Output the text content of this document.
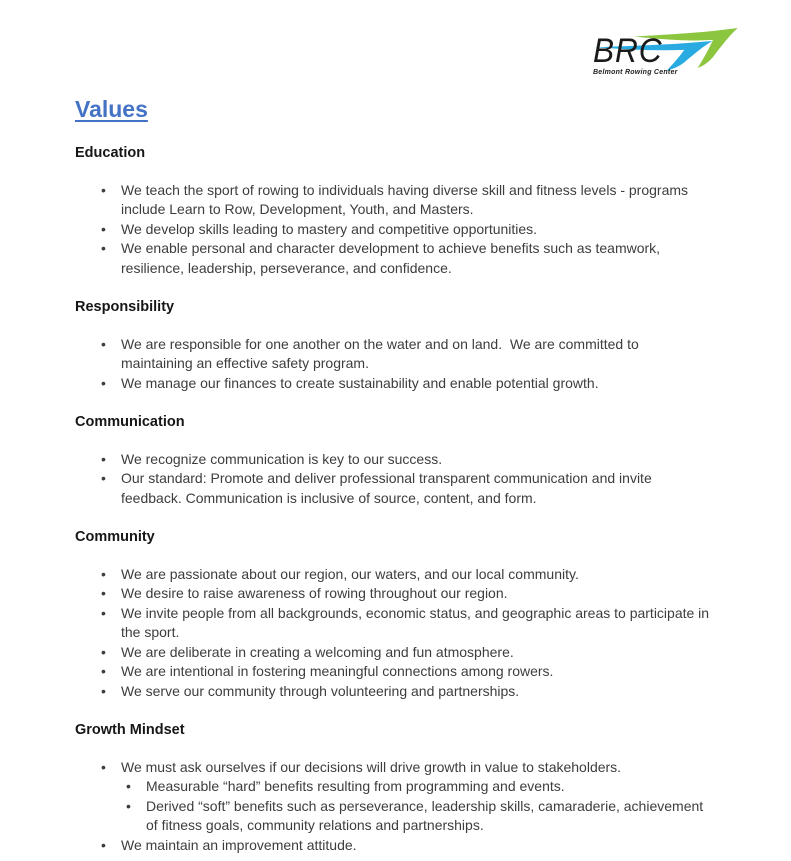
BRC
Belmont Rowing Center
Values
Education
• We teach the sport of rowing to individuals having diverse skill and fitness levels - programs include Learn to Row, Development, Youth, and Masters.
• We develop skills leading to mastery and competitive opportunities.
• We enable personal and character development to achieve benefits such as teamwork, resilience, leadership, perseverance, and confidence.
Responsibility
• We are responsible for one another on the water and on land.  We are committed to maintaining an effective safety program.
• We manage our finances to create sustainability and enable potential growth.
Communication
• We recognize communication is key to our success.
• Our standard: Promote and deliver professional transparent communication and invite feedback. Communication is inclusive of source, content, and form.
Community
• We are passionate about our region, our waters, and our local community.
• We desire to raise awareness of rowing throughout our region.
• We invite people from all backgrounds, economic status, and geographic areas to participate in the sport.
• We are deliberate in creating a welcoming and fun atmosphere.
• We are intentional in fostering meaningful connections among rowers.
• We serve our community through volunteering and partnerships.
Growth Mindset
• We must ask ourselves if our decisions will drive growth in value to stakeholders.
• Measurable “hard” benefits resulting from programming and events.
• Derived “soft” benefits such as perseverance, leadership skills, camaraderie, achievement of fitness goals, community relations and partnerships.
• We maintain an improvement attitude.
